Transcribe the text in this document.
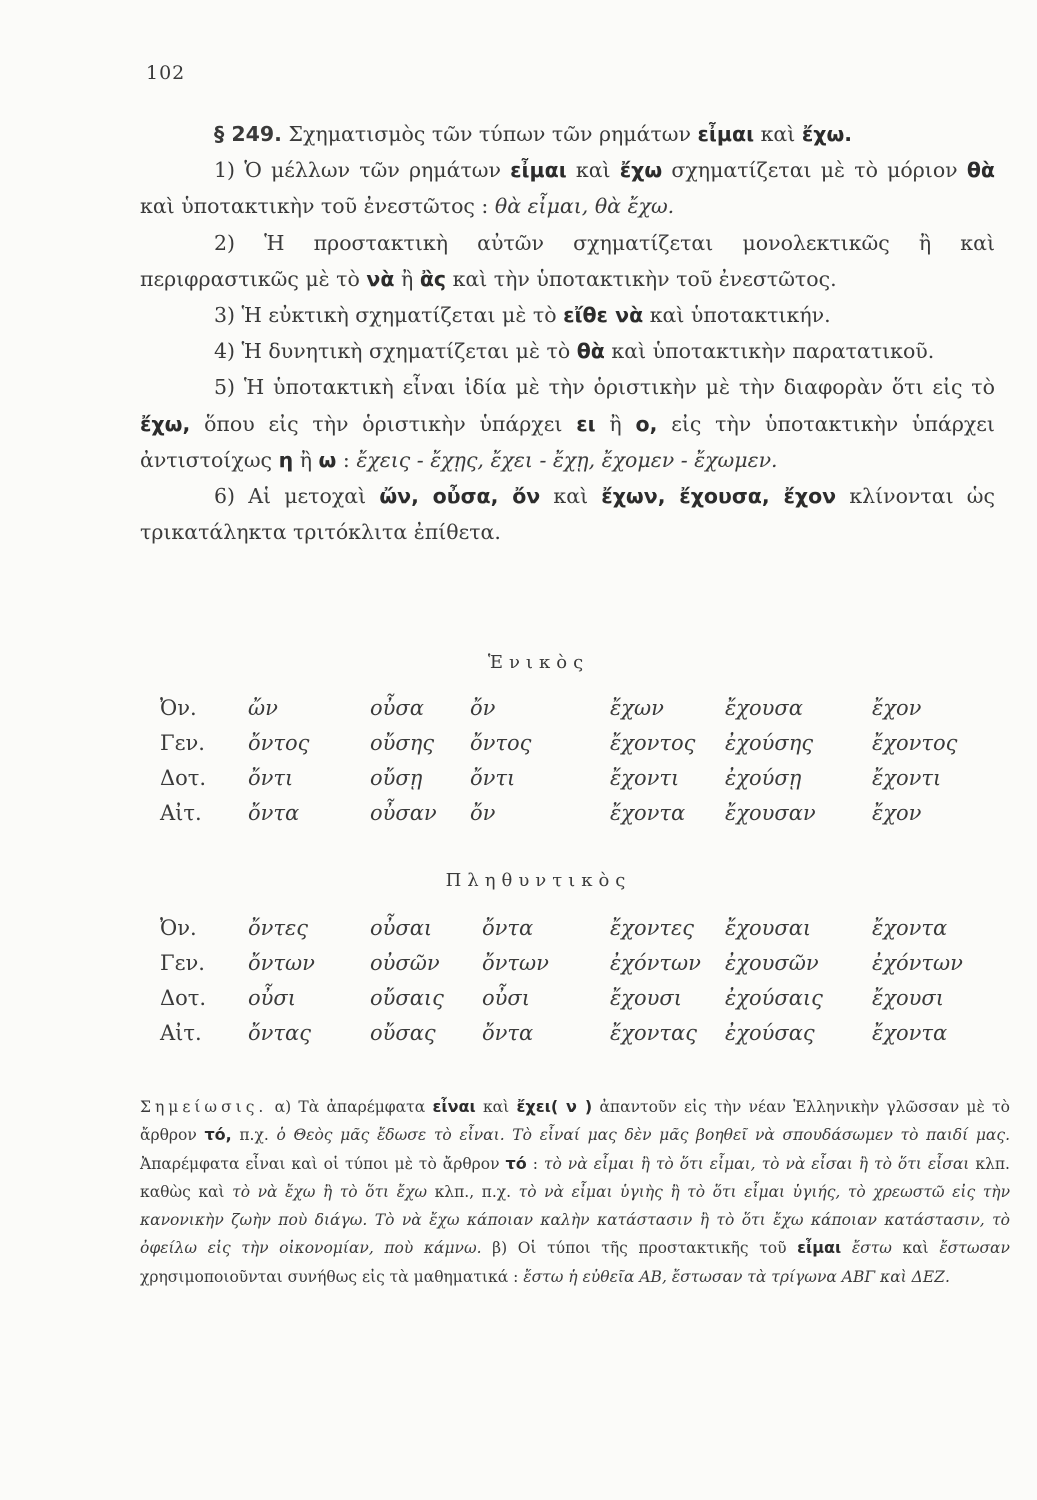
102

§ 249. Σχηματισμὸς τῶν τύπων τῶν ρημάτων εἶμαι καὶ ἔχω.

1) Ὁ μέλλων τῶν ρημάτων εἶμαι καὶ ἔχω σχηματίζεται μὲ τὸ μόριον θὰ καὶ ὑποτακτικὴν τοῦ ἐνεστῶτος : θὰ εἶμαι, θὰ ἔχω.

2) Ἡ προστακτικὴ αὐτῶν σχηματίζεται μονολεκτικῶς ἢ καὶ περιφραστικῶς μὲ τὸ νὰ ἢ ἂς καὶ τὴν ὑποτακτικὴν τοῦ ἐνεστῶτος.

3) Ἡ εὐκτικὴ σχηματίζεται μὲ τὸ εἴθε νὰ καὶ ὑποτακτικήν.

4) Ἡ δυνητικὴ σχηματίζεται μὲ τὸ θὰ καὶ ὑποτακτικὴν παρατατικοῦ.

5) Ἡ ὑποτακτικὴ εἶναι ἰδία μὲ τὴν ὁριστικὴν μὲ τὴν διαφορὰν ὅτι εἰς τὸ ἔχω, ὅπου εἰς τὴν ὁριστικὴν ὑπάρχει ει ἢ ο, εἰς τὴν ὑποτακτικὴν ὑπάρχει ἀντιστοίχως η ἢ ω : ἔχεις - ἔχῃς, ἔχει - ἔχῃ, ἔχομεν - ἔχωμεν.

6) Αἱ μετοχαὶ ὤν, οὖσα, ὄν καὶ ἔχων, ἔχουσα, ἔχον κλίνονται ὡς τρικατάληκτα τριτόκλιτα ἐπίθετα.

Ἑνικὸς
Ὀν. ὤν	οὖσα ὄν	ἔχων	ἔχουσα	ἔχον
Γεν. ὄντος	οὔσης ὄντος	ἔχοντος ἐχούσης	ἔχοντος
Δοτ. ὄντι	οὔσῃ ὄντι	ἔχοντι ἐχούσῃ	ἔχοντι
Αἰτ. ὄντα	οὖσαν ὄν	ἔχοντα ἔχουσαν	ἔχον
Πληθυντικὸς
Ὀν. ὄντες	οὖσαι ὄντα	ἔχοντες ἔχουσαι	ἔχοντα
Γεν. ὄντων	οὐσῶν ὄντων	ἐχόντων ἐχουσῶν	ἐχόντων
Δοτ. οὖσι	οὔσαις οὖσι	ἔχουσι ἐχούσαις ἔχουσι
Αἰτ. ὄντας	οὔσας ὄντα	ἔχοντας ἐχούσας	ἔχοντα
Σημείωσις. α) Τὰ ἀπαρέμφατα εἶναι καὶ ἔχει( ν ) ἀπαντοῦν εἰς τὴν νέαν Ἑλληνικὴν γλῶσσαν μὲ τὸ ἄρθρον τό, π.χ. ὁ Θεὸς μᾶς ἔδωσε τὸ εἶναι. Τὸ εἶναί μας δὲν μᾶς βοηθεῖ νὰ σπουδάσωμεν τὸ παιδί μας. Ἀπαρέμφατα εἶναι καὶ οἱ τύποι μὲ τὸ ἄρθρον τό : τὸ νὰ εἶμαι ἢ τὸ ὅτι εἶμαι, τὸ νὰ εἶσαι ἢ τὸ ὅτι εἶσαι κλπ. καθὼς καὶ τὸ νὰ ἔχω ἢ τὸ ὅτι ἔχω κλπ., π.χ. τὸ νὰ εἶμαι ὑγιὴς ἢ τὸ ὅτι εἶμαι ὑγιής, τὸ χρεωστῶ εἰς τὴν κανονικὴν ζωὴν ποὺ διάγω. Τὸ νὰ ἔχω κάποιαν καλὴν κατάστασιν ἢ τὸ ὅτι ἔχω κάποιαν κατάστασιν, τὸ ὀφείλω εἰς τὴν οἰκονομίαν, ποὺ κάμνω. β) Οἱ τύποι τῆς προστακτικῆς τοῦ εἶμαι ἔστω καὶ ἔστωσαν χρησιμοποιοῦνται συνήθως εἰς τὰ μαθηματικά : ἔστω ἡ εὐθεῖα ΑΒ, ἔστωσαν τὰ τρίγωνα ΑΒΓ καὶ ΔΕΖ.
